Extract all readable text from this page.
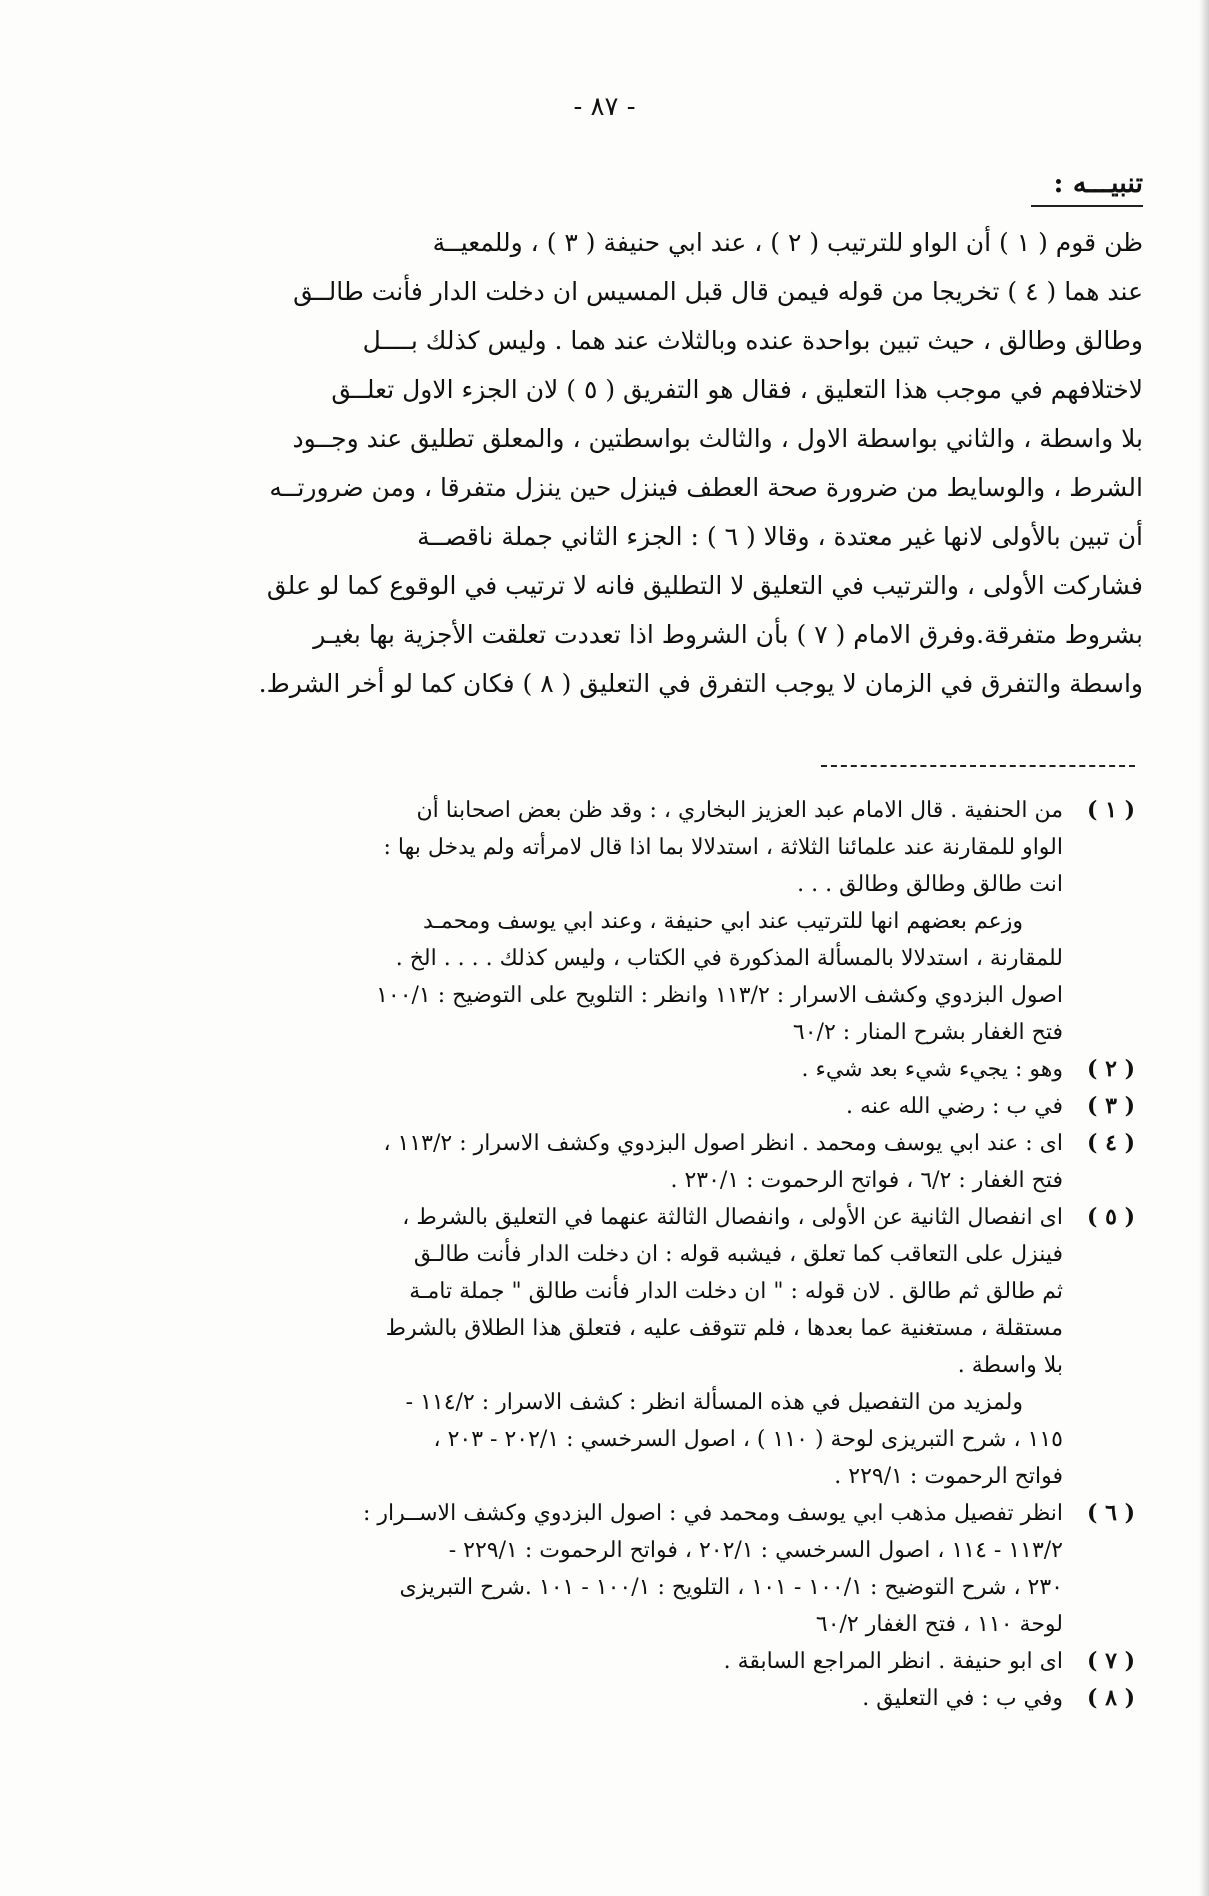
- ٨٧ -
تنبيـــه :
ظن قوم ( ١ ) أن الواو للترتيب ( ٢ ) ، عند ابي حنيفة ( ٣ ) ، وللمعيــة
عند هما ( ٤ ) تخريجا من قوله فيمن قال قبل المسيس ان دخلت الدار فأنت طالــق
وطالق وطالق ، حيث تبين بواحدة عنده وبالثلاث عند هما . وليس كذلك بــــل
لاختلافهم في موجب هذا التعليق ، فقال هو التفريق ( ٥ ) لان الجزء الاول تعلــق
بلا واسطة ، والثاني بواسطة الاول ، والثالث بواسطتين ، والمعلق تطليق عند وجــود
الشرط ، والوسايط من ضرورة صحة العطف فينزل حين ينزل متفرقا ، ومن ضرورتــه
أن تبين بالأولى لانها غير معتدة ، وقالا ( ٦ ) : الجزء الثاني جملة ناقصــة
فشاركت الأولى ، والترتيب في التعليق لا التطليق فانه لا ترتيب في الوقوع كما لو علق
بشروط متفرقة.وفرق الامام ( ٧ ) بأن الشروط اذا تعددت تعلقت الأجزية بها بغيـر
واسطة والتفرق في الزمان لا يوجب التفرق في التعليق ( ٨ ) فكان كما لو أخر الشرط.
( ١ )
من الحنفية . قال الامام عبد العزيز البخاري ، : وقد ظن بعض اصحابنا أن
الواو للمقارنة عند علمائنا الثلاثة ، استدلالا بما اذا قال لامرأته ولم يدخل بها :
انت طالق وطالق وطالق . . .
وزعم بعضهم انها للترتيب عند ابي حنيفة ، وعند ابي يوسف ومحمـد
للمقارنة ، استدلالا بالمسألة المذكورة في الكتاب ، وليس كذلك . . . . الخ .
اصول البزدوي وكشف الاسرار : ١١٣/٢ وانظر : التلويح على التوضيح : ١٠٠/١
فتح الغفار بشرح المنار : ٦٠/٢
( ٢ )
وهو : يجيء شيء بعد شيء .
( ٣ )
في ب : رضي الله عنه .
( ٤ )
اى : عند ابي يوسف ومحمد . انظر اصول البزدوي وكشف الاسرار : ١١٣/٢ ،
فتح الغفار : ٦/٢ ، فواتح الرحموت : ٢٣٠/١ .
( ٥ )
اى انفصال الثانية عن الأولى ، وانفصال الثالثة عنهما في التعليق بالشرط ،
فينزل على التعاقب كما تعلق ، فيشبه قوله : ان دخلت الدار فأنت طالـق
ثم طالق ثم طالق . لان قوله : " ان دخلت الدار فأنت طالق " جملة تامـة
مستقلة ، مستغنية عما بعدها ، فلم تتوقف عليه ، فتعلق هذا الطلاق بالشرط
بلا واسطة .
ولمزيد من التفصيل في هذه المسألة انظر : كشف الاسرار : ١١٤/٢ -
١١٥ ، شرح التبريزى لوحة ( ١١٠ ) ، اصول السرخسي : ٢٠٢/١ - ٢٠٣ ،
فواتح الرحموت : ٢٢٩/١ .
( ٦ )
انظر تفصيل مذهب ابي يوسف ومحمد في : اصول البزدوي وكشف الاســرار :
١١٣/٢ - ١١٤ ، اصول السرخسي : ٢٠٢/١ ، فواتح الرحموت : ٢٢٩/١ -
٢٣٠ ، شرح التوضيح : ١٠٠/١ - ١٠١ ، التلويح : ١٠٠/١ - ١٠١ .شرح التبريزى
لوحة ١١٠ ، فتح الغفار ٦٠/٢
( ٧ )
اى ابو حنيفة . انظر المراجع السابقة .
( ٨ )
وفي ب : في التعليق .
